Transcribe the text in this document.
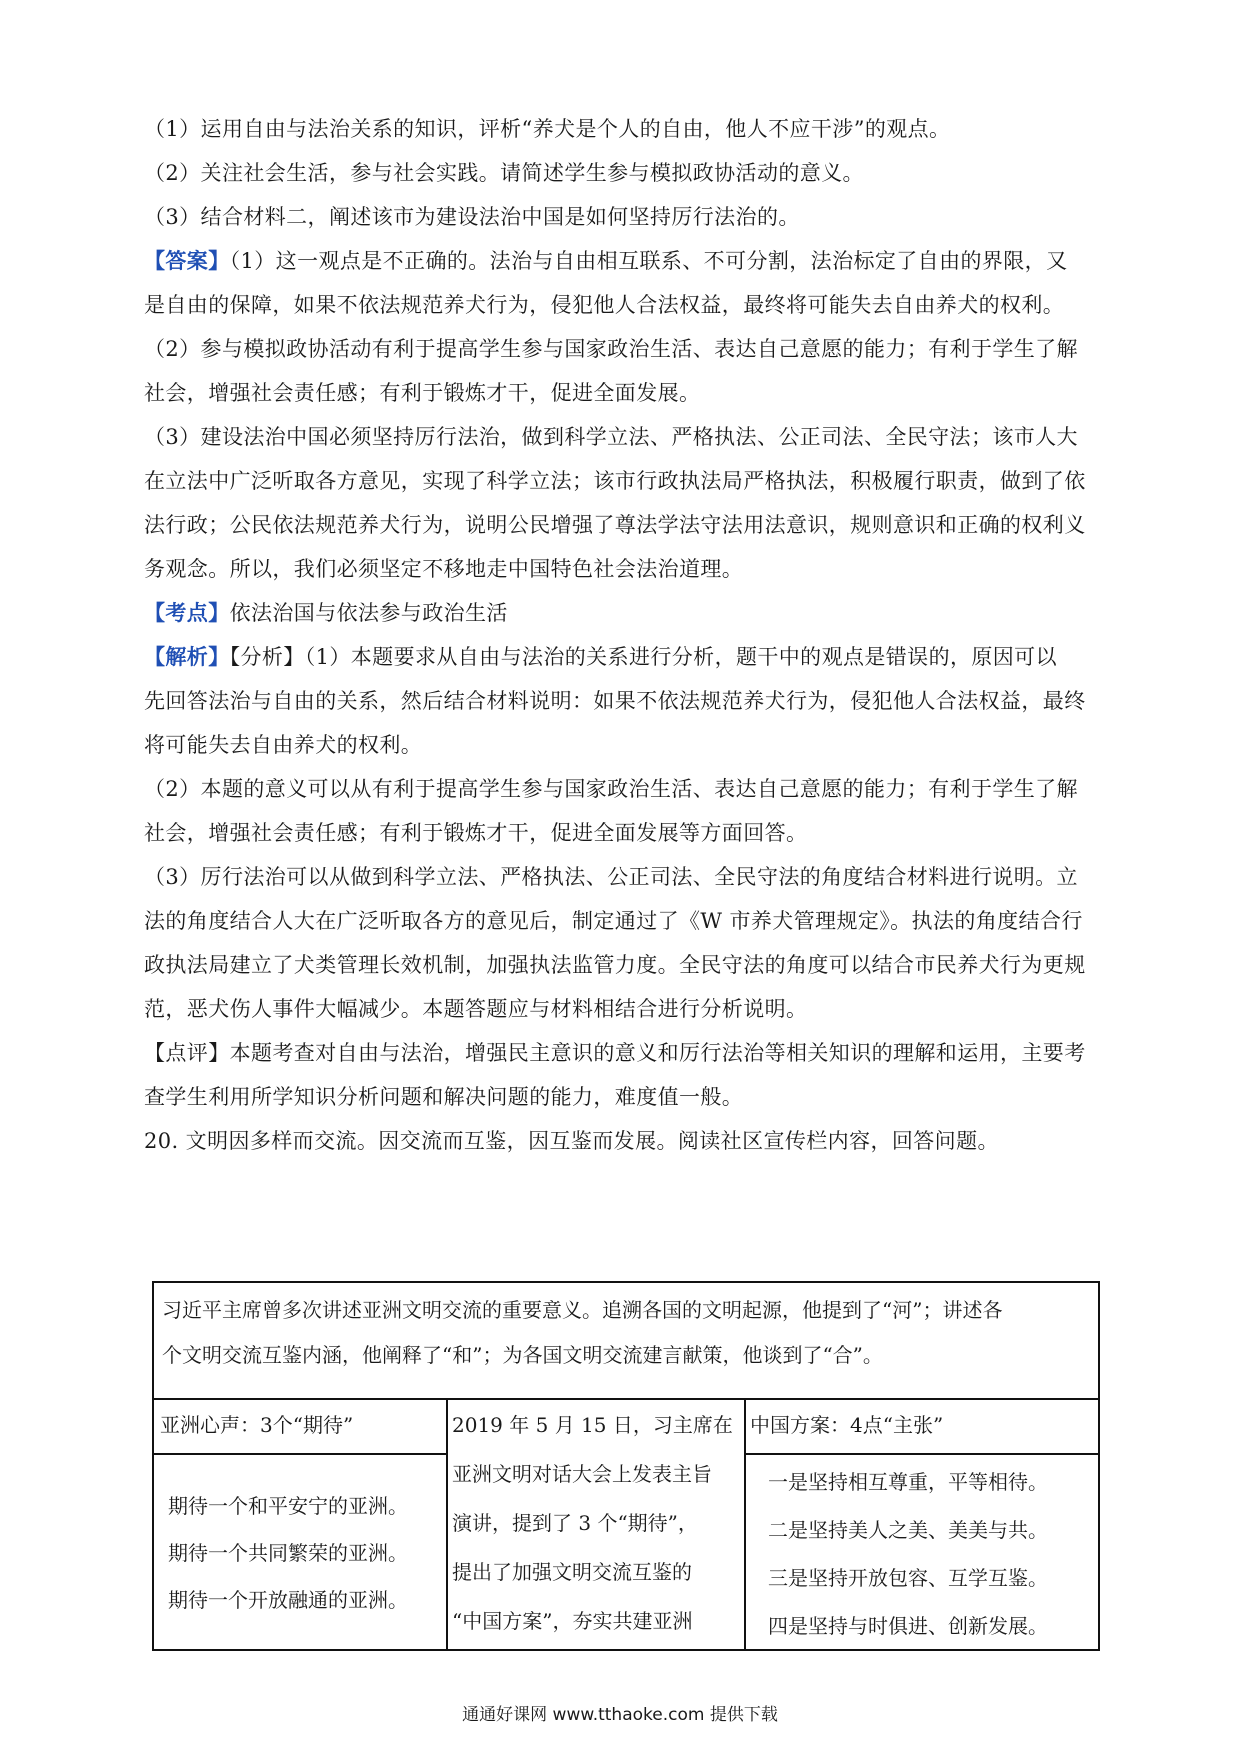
（1）运用自由与法治关系的知识，评析“养犬是个人的自由，他人不应干涉”的观点。
（2）关注社会生活，参与社会实践。请简述学生参与模拟政协活动的意义。
（3）结合材料二，阐述该市为建设法治中国是如何坚持厉行法治的。
【答案】（1）这一观点是不正确的。法治与自由相互联系、不可分割，法治标定了自由的界限，又
是自由的保障，如果不依法规范养犬行为，侵犯他人合法权益，最终将可能失去自由养犬的权利。
（2）参与模拟政协活动有利于提高学生参与国家政治生活、表达自己意愿的能力；有利于学生了解
社会，增强社会责任感；有利于锻炼才干，促进全面发展。
（3）建设法治中国必须坚持厉行法治，做到科学立法、严格执法、公正司法、全民守法；该市人大
在立法中广泛听取各方意见，实现了科学立法；该市行政执法局严格执法，积极履行职责，做到了依
法行政；公民依法规范养犬行为，说明公民增强了尊法学法守法用法意识，规则意识和正确的权利义
务观念。所以，我们必须坚定不移地走中国特色社会法治道理。
【考点】依法治国与依法参与政治生活
【解析】【分析】（1）本题要求从自由与法治的关系进行分析，题干中的观点是错误的，原因可以
先回答法治与自由的关系，然后结合材料说明：如果不依法规范养犬行为，侵犯他人合法权益，最终
将可能失去自由养犬的权利。
（2）本题的意义可以从有利于提高学生参与国家政治生活、表达自己意愿的能力；有利于学生了解
社会，增强社会责任感；有利于锻炼才干，促进全面发展等方面回答。
（3）厉行法治可以从做到科学立法、严格执法、公正司法、全民守法的角度结合材料进行说明。立
法的角度结合人大在广泛听取各方的意见后，制定通过了《W 市养犬管理规定》。执法的角度结合行
政执法局建立了犬类管理长效机制，加强执法监管力度。全民守法的角度可以结合市民养犬行为更规
范，恶犬伤人事件大幅减少。本题答题应与材料相结合进行分析说明。
【点评】本题考查对自由与法治，增强民主意识的意义和厉行法治等相关知识的理解和运用，主要考
查学生利用所学知识分析问题和解决问题的能力，难度值一般。
20. 文明因多样而交流。因交流而互鉴，因互鉴而发展。阅读社区宣传栏内容，回答问题。
习近平主席曾多次讲述亚洲文明交流的重要意义。追溯各国的文明起源，他提到了“河”；讲述各
个文明交流互鉴内涵，他阐释了“和”；为各国文明交流建言献策，他谈到了“合”。
亚洲心声：3个“期待”
期待一个和平安宁的亚洲。
期待一个共同繁荣的亚洲。
期待一个开放融通的亚洲。
2019 年 5 月 15 日，习主席在
亚洲文明对话大会上发表主旨
演讲，提到了 3 个“期待”，
提出了加强文明交流互鉴的
“中国方案”，夯实共建亚洲
中国方案：4点“主张”
一是坚持相互尊重，平等相待。
二是坚持美人之美、美美与共。
三是坚持开放包容、互学互鉴。
四是坚持与时俱进、创新发展。
通通好课网 www.tthaoke.com 提供下载
